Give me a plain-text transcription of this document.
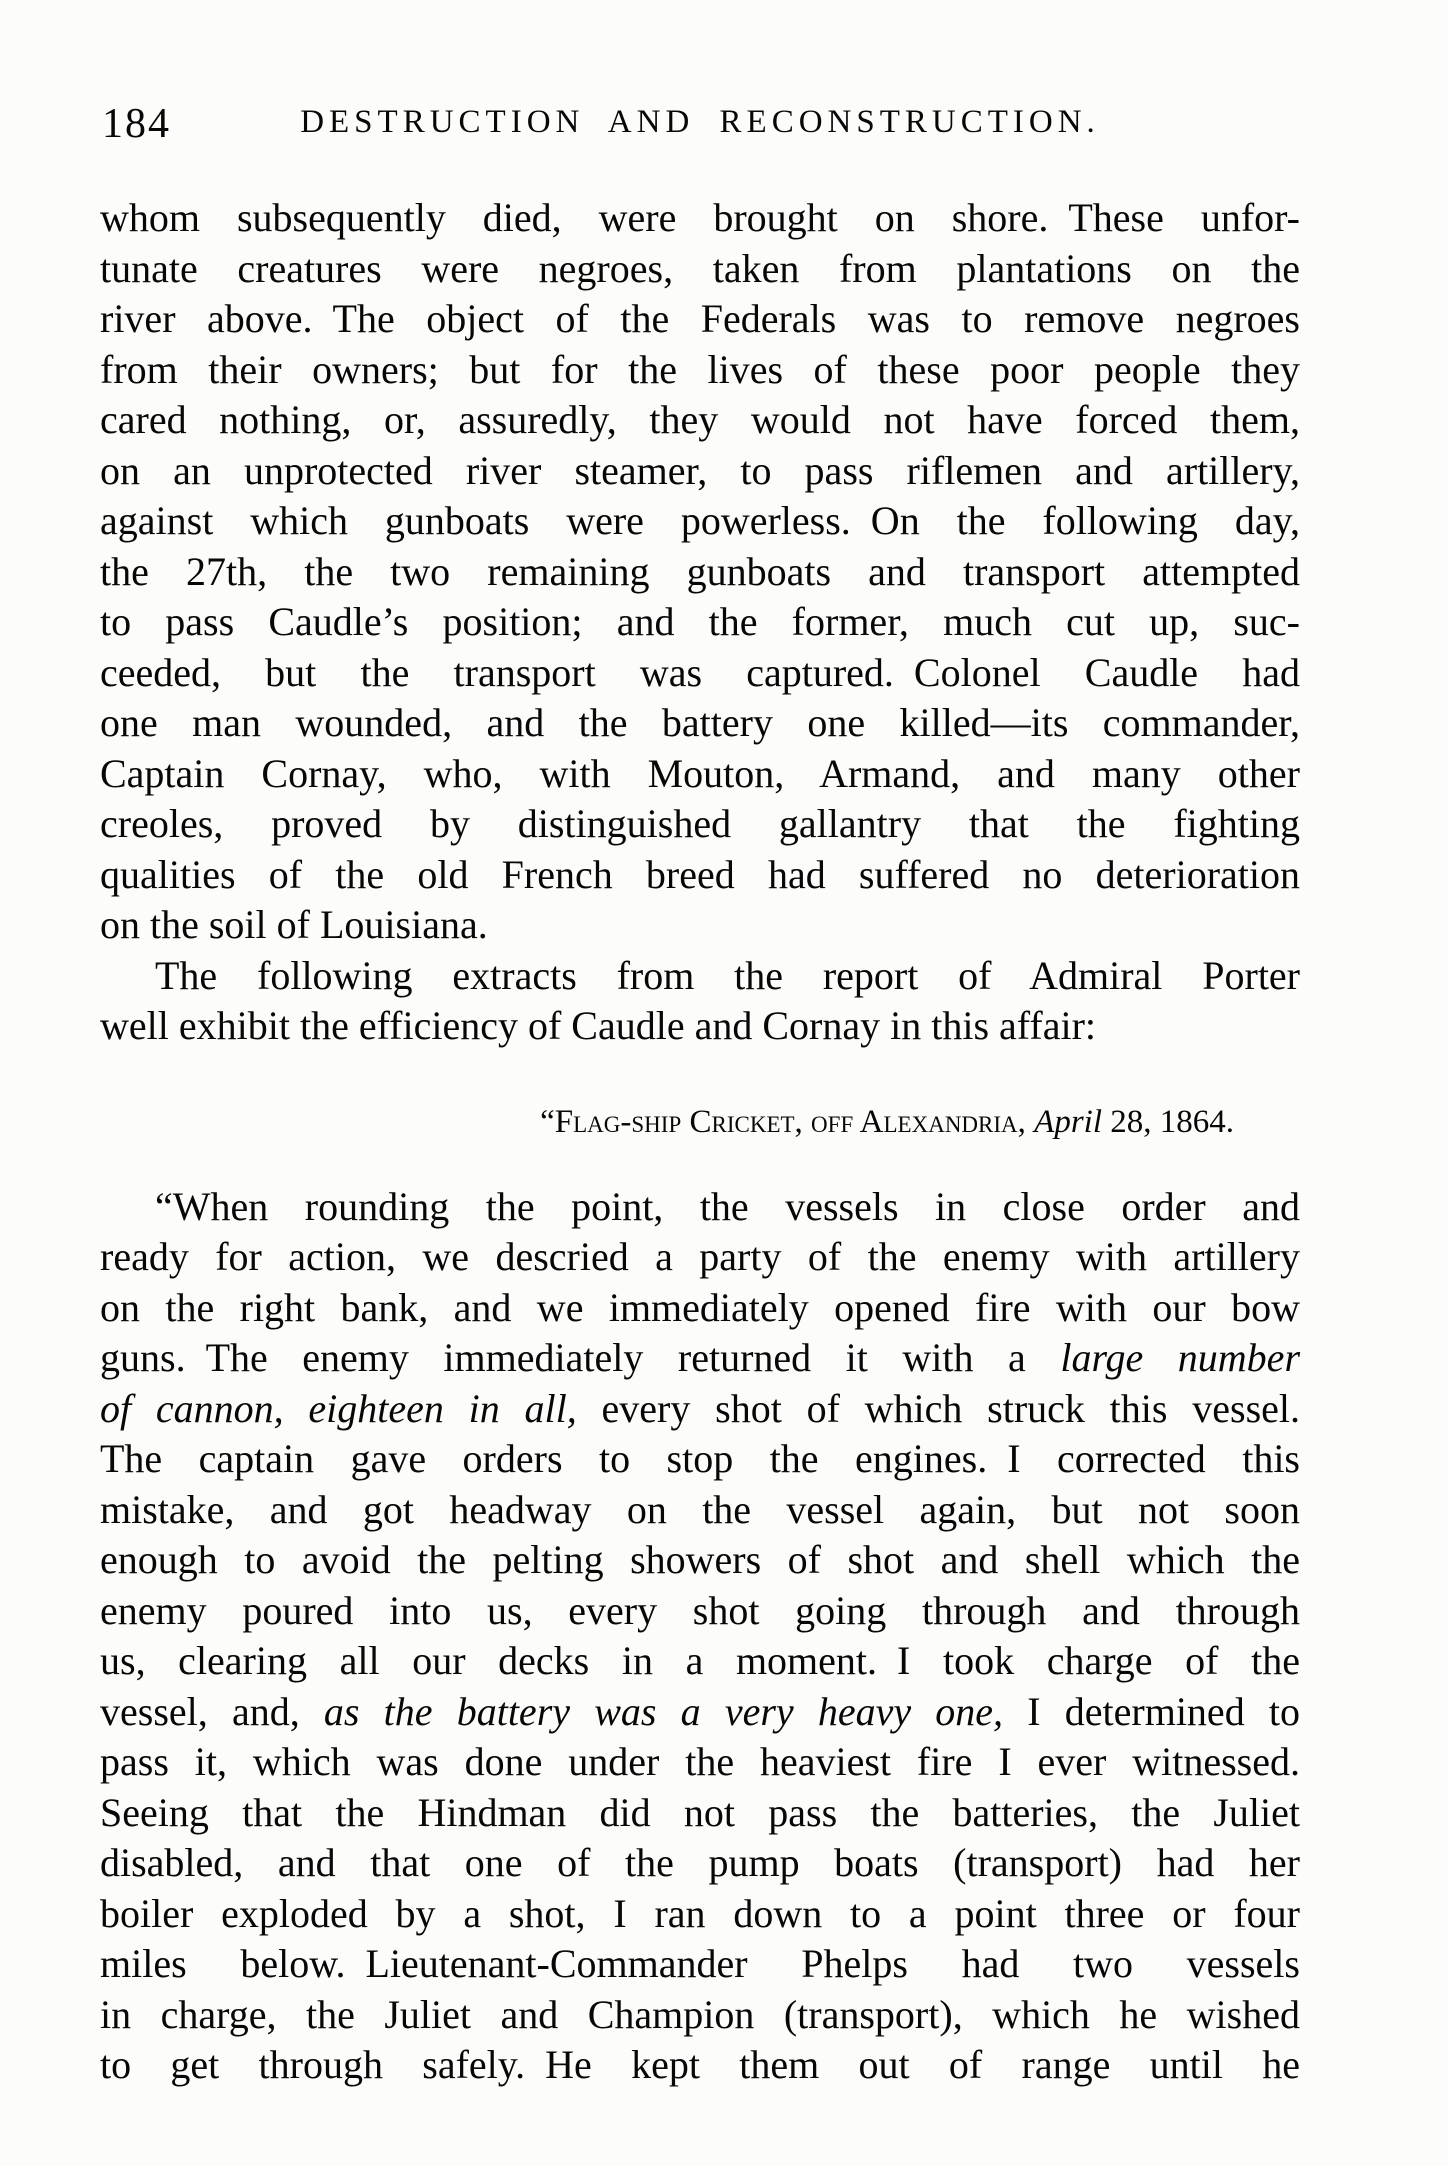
184	DESTRUCTION AND RECONSTRUCTION.
whom subsequently died, were brought on shore. These unfor-
tunate creatures were negroes, taken from plantations on the
river above. The object of the Federals was to remove negroes
from their owners; but for the lives of these poor people they
cared nothing, or, assuredly, they would not have forced them,
on an unprotected river steamer, to pass riflemen and artillery,
against which gunboats were powerless. On the following day,
the 27th, the two remaining gunboats and transport attempted
to pass Caudle’s position; and the former, much cut up, suc-
ceeded, but the transport was captured. Colonel Caudle had
one man wounded, and the battery one killed—its commander,
Captain Cornay, who, with Mouton, Armand, and many other
creoles, proved by distinguished gallantry that the fighting
qualities of the old French breed had suffered no deterioration
on the soil of Louisiana.
The following extracts from the report of Admiral Porter
well exhibit the efficiency of Caudle and Cornay in this affair:
“Flag-ship Cricket, off Alexandria, April 28, 1864.
“When rounding the point, the vessels in close order and
ready for action, we descried a party of the enemy with artillery
on the right bank, and we immediately opened fire with our bow
guns. The enemy immediately returned it with a large number
of cannon, eighteen in all, every shot of which struck this vessel.
The captain gave orders to stop the engines. I corrected this
mistake, and got headway on the vessel again, but not soon
enough to avoid the pelting showers of shot and shell which the
enemy poured into us, every shot going through and through
us, clearing all our decks in a moment. I took charge of the
vessel, and, as the battery was a very heavy one, I determined to
pass it, which was done under the heaviest fire I ever witnessed.
Seeing that the Hindman did not pass the batteries, the Juliet
disabled, and that one of the pump boats (transport) had her
boiler exploded by a shot, I ran down to a point three or four
miles below. Lieutenant-Commander Phelps had two vessels
in charge, the Juliet and Champion (transport), which he wished
to get through safely. He kept them out of range until he
